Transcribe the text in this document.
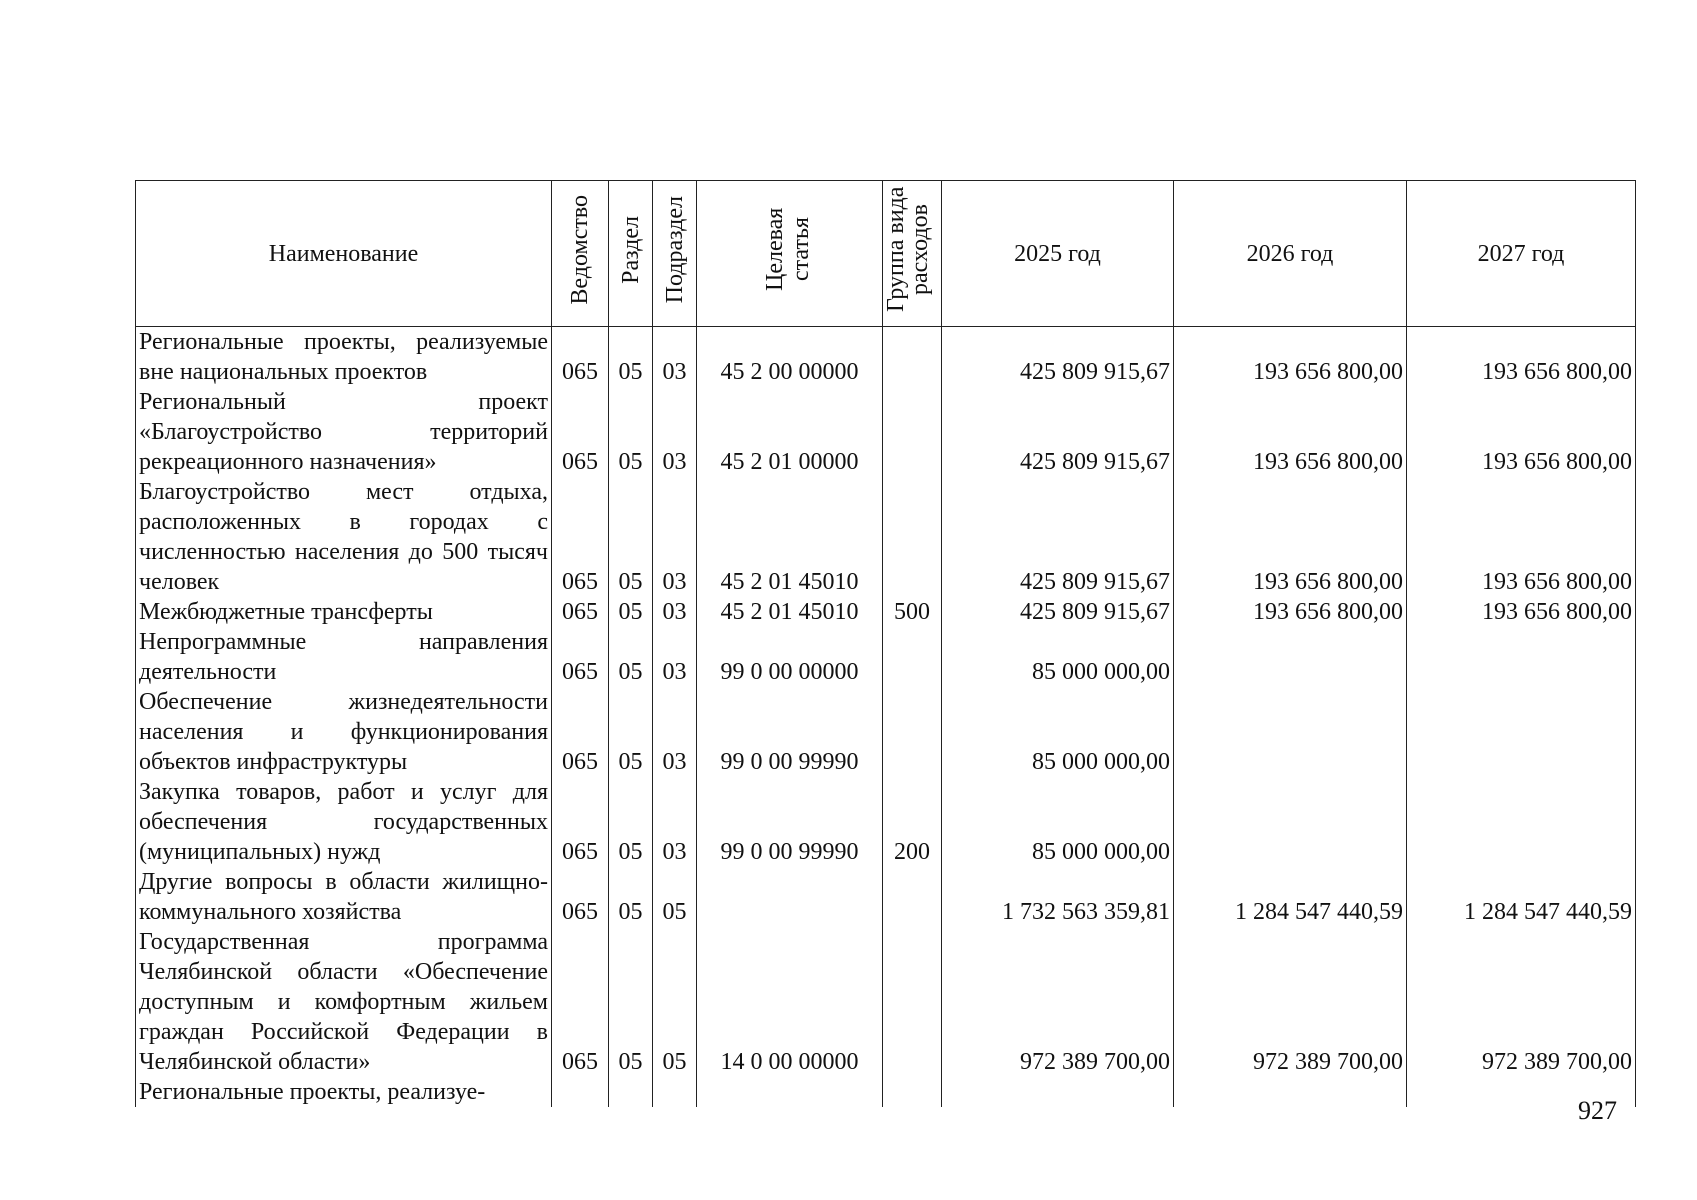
Наименование	Ведомство	Раздел	Подраздел	Целевая статья	Группа вида расходов	2025 год	2026 год	2027 год
Региональные проекты, реализуемые вне национальных проектов	065	05	03	45 2 00 00000		425 809 915,67	193 656 800,00	193 656 800,00
Региональный проект «Благоустройство территорий рекреационного назначения»	065	05	03	45 2 01 00000		425 809 915,67	193 656 800,00	193 656 800,00
Благоустройство мест отдыха, расположенных в городах с численностью населения до 500 тысяч человек	065	05	03	45 2 01 45010		425 809 915,67	193 656 800,00	193 656 800,00
Межбюджетные трансферты	065	05	03	45 2 01 45010	500	425 809 915,67	193 656 800,00	193 656 800,00
Непрограммные направления деятельности	065	05	03	99 0 00 00000		85 000 000,00		
Обеспечение жизнедеятельности населения и функционирования объектов инфраструктуры	065	05	03	99 0 00 99990		85 000 000,00		
Закупка товаров, работ и услуг для обеспечения государственных (муниципальных) нужд	065	05	03	99 0 00 99990	200	85 000 000,00		
Другие вопросы в области жилищно-коммунального хозяйства	065	05	05			1 732 563 359,81	1 284 547 440,59	1 284 547 440,59
Государственная программа Челябинской области «Обеспечение доступным и комфортным жильем граждан Российской Федерации в Челябинской области»	065	05	05	14 0 00 00000		972 389 700,00	972 389 700,00	972 389 700,00
Региональные проекты, реализуе-								
927
